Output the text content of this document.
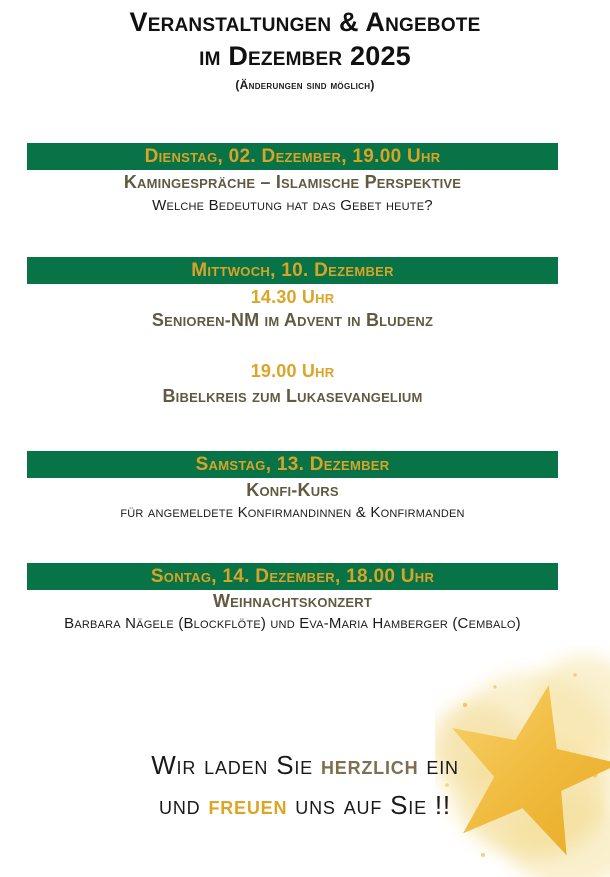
Veranstaltungen & Angebote
im Dezember 2025
(Änderungen sind möglich)
Dienstag, 02. Dezember, 19.00 Uhr
Kamingespräche – Islamische Perspektive
Welche Bedeutung hat das Gebet heute?
Mittwoch, 10. Dezember
14.30 Uhr
Senioren-NM im Advent in Bludenz
19.00 Uhr
Bibelkreis zum Lukasevangelium
Samstag, 13. Dezember
Konfi-Kurs
für angemeldete Konfirmandinnen & Konfirmanden
Sontag, 14. Dezember, 18.00 Uhr
Weihnachtskonzert
Barbara Nägele (Blockflöte) und Eva-Maria Hamberger (Cembalo)
Wir laden Sie herzlich ein
und freuen uns auf Sie !!
